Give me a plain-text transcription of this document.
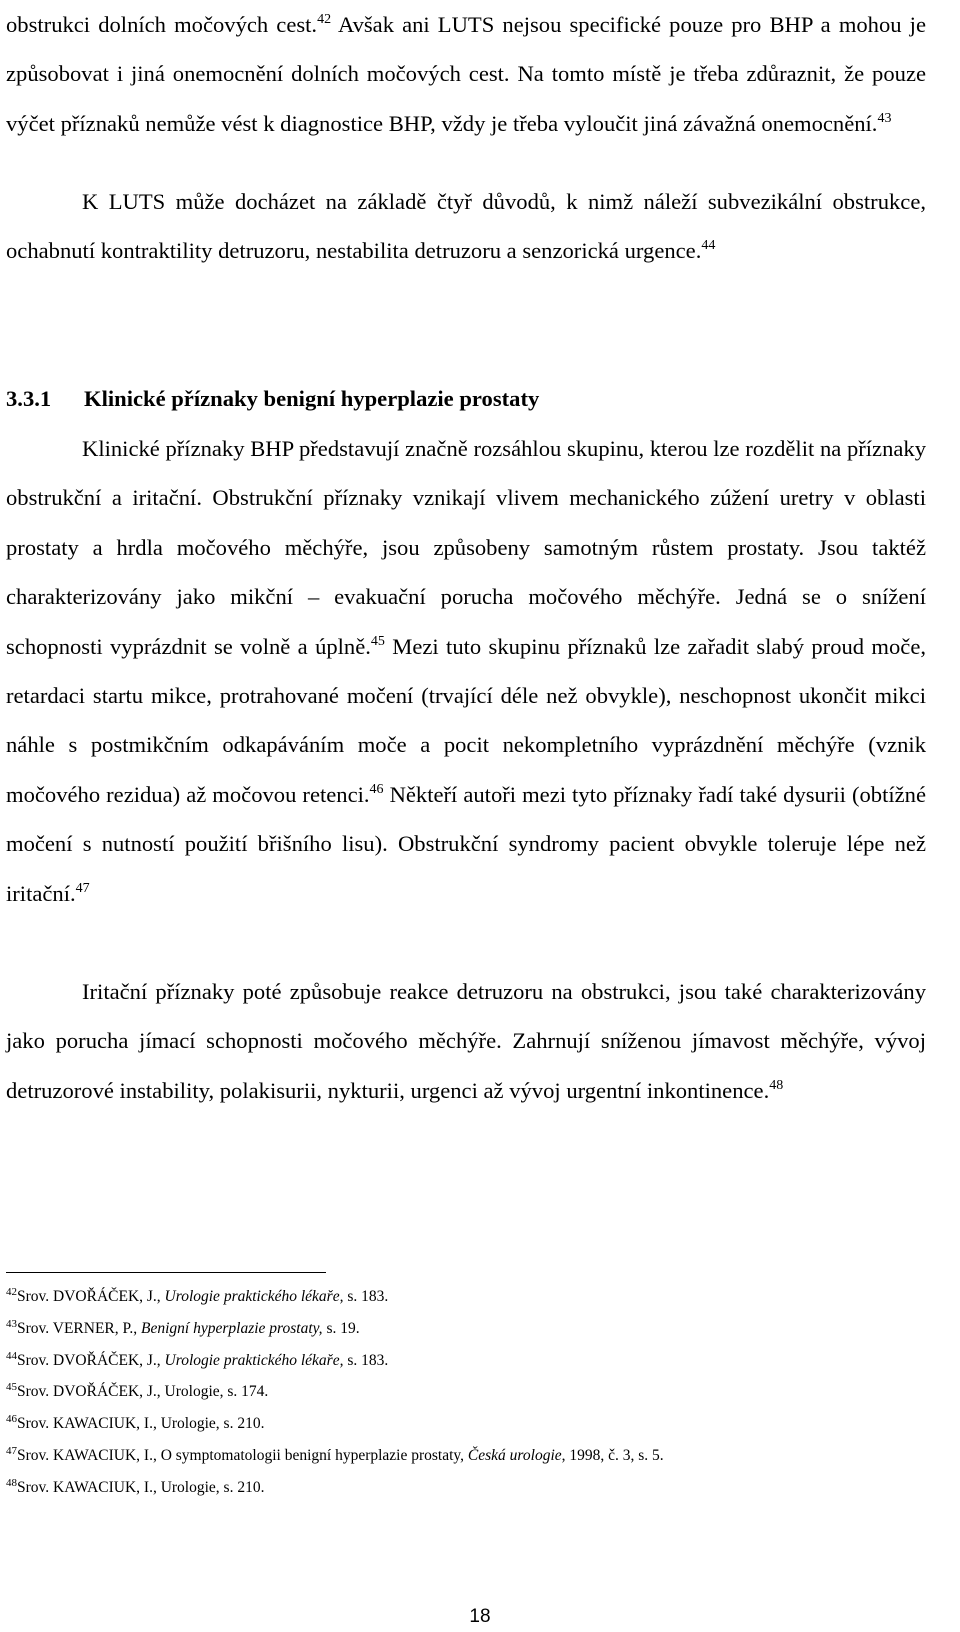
obstrukci dolních močových cest.$^{42}$ Avšak ani LUTS nejsou specifické pouze pro BHP a mohou je způsobovat i jiná onemocnění dolních močových cest. Na tomto místě je třeba zdůraznit, že pouze výčet příznaků nemůže vést k diagnostice BHP, vždy je třeba vyloučit jiná závažná onemocnění.$^{43}$

K LUTS může docházet na základě čtyř důvodů, k nimž náleží subvezikální obstrukce, ochabnutí kontraktility detruzoru, nestabilita detruzoru a senzorická urgence.$^{44}$

3.3.1 Klinické příznaky benigní hyperplazie prostaty

Klinické příznaky BHP představují značně rozsáhlou skupinu, kterou lze rozdělit na příznaky obstrukční a iritační. Obstrukční příznaky vznikají vlivem mechanického zúžení uretry v oblasti prostaty a hrdla močového měchýře, jsou způsobeny samotným růstem prostaty. Jsou taktéž charakterizovány jako mikční – evakuační porucha močového měchýře. Jedná se o snížení schopnosti vyprázdnit se volně a úplně.$^{45}$ Mezi tuto skupinu příznaků lze zařadit slabý proud moče, retardaci startu mikce, protrahované močení (trvající déle než obvykle), neschopnost ukončit mikci náhle s postmikčním odkapáváním moče a pocit nekompletního vyprázdnění měchýře (vznik močového rezidua) až močovou retenci.$^{46}$ Někteří autoři mezi tyto příznaky řadí také dysurii (obtížné močení s nutností použití břišního lisu). Obstrukční syndromy pacient obvykle toleruje lépe než iritační.$^{47}$

Iritační příznaky poté způsobuje reakce detruzoru na obstrukci, jsou také charakterizovány jako porucha jímací schopnosti močového měchýře. Zahrnují sníženou jímavost měchýře, vývoj detruzorové instability, polakisurii, nykturii, urgenci až vývoj urgentní inkontinence.$^{48}$

$^{42}$Srov. DVOŘÁČEK, J., Urologie praktického lékaře, s. 183.
$^{43}$Srov. VERNER, P., Benigní hyperplazie prostaty, s. 19.
$^{44}$Srov. DVOŘÁČEK, J., Urologie praktického lékaře, s. 183.
$^{45}$Srov. DVOŘÁČEK, J., Urologie, s. 174.
$^{46}$Srov. KAWACIUK, I., Urologie, s. 210.
$^{47}$Srov. KAWACIUK, I., O symptomatologii benigní hyperplazie prostaty, Česká urologie, 1998, č. 3, s. 5.
$^{48}$Srov. KAWACIUK, I., Urologie, s. 210.
18
